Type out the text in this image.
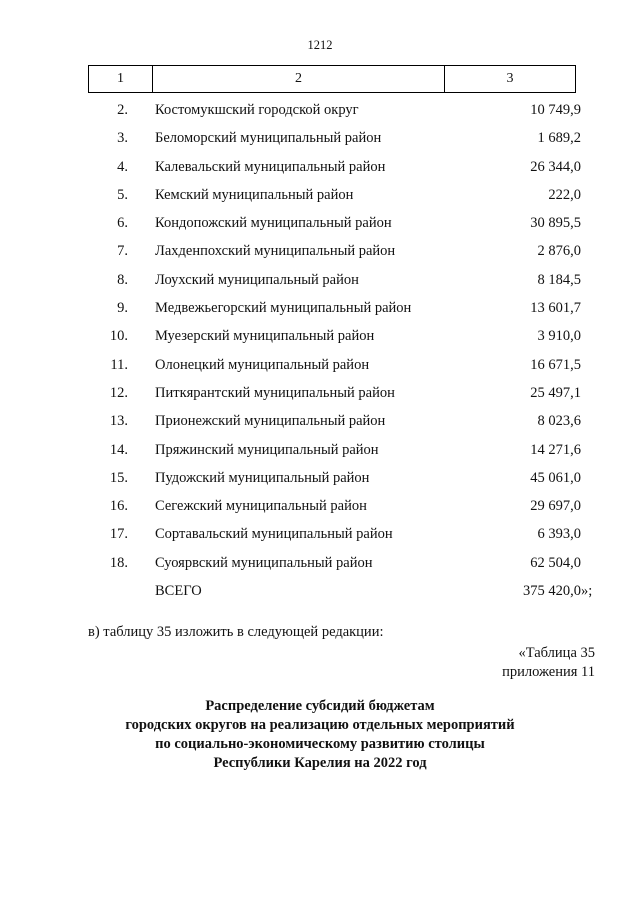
1212
1	2	3
2. Костомукшский городской округ	10 749,9
3. Беломорский муниципальный район	1 689,2
4. Калевальский муниципальный район	26 344,0
5. Кемский муниципальный район	222,0
6. Кондопожский муниципальный район	30 895,5
7. Лахденпохский муниципальный район	2 876,0
8. Лоухский муниципальный район	8 184,5
9. Медвежьегорский муниципальный район	13 601,7
10. Муезерский муниципальный район	3 910,0
11. Олонецкий муниципальный район	16 671,5
12. Питкярантский муниципальный район	25 497,1
13. Прионежский муниципальный район	8 023,6
14. Пряжинский муниципальный район	14 271,6
15. Пудожский муниципальный район	45 061,0
16. Сегежский муниципальный район	29 697,0
17. Сортавальский муниципальный район	6 393,0
18. Суоярвский муниципальный район	62 504,0
ВСЕГО	375 420,0 »;
в) таблицу 35 изложить в следующей редакции:
«Таблица 35
приложения 11
Распределение субсидий бюджетам
городских округов на реализацию отдельных мероприятий
по социально-экономическому развитию столицы
Республики Карелия на 2022 год
